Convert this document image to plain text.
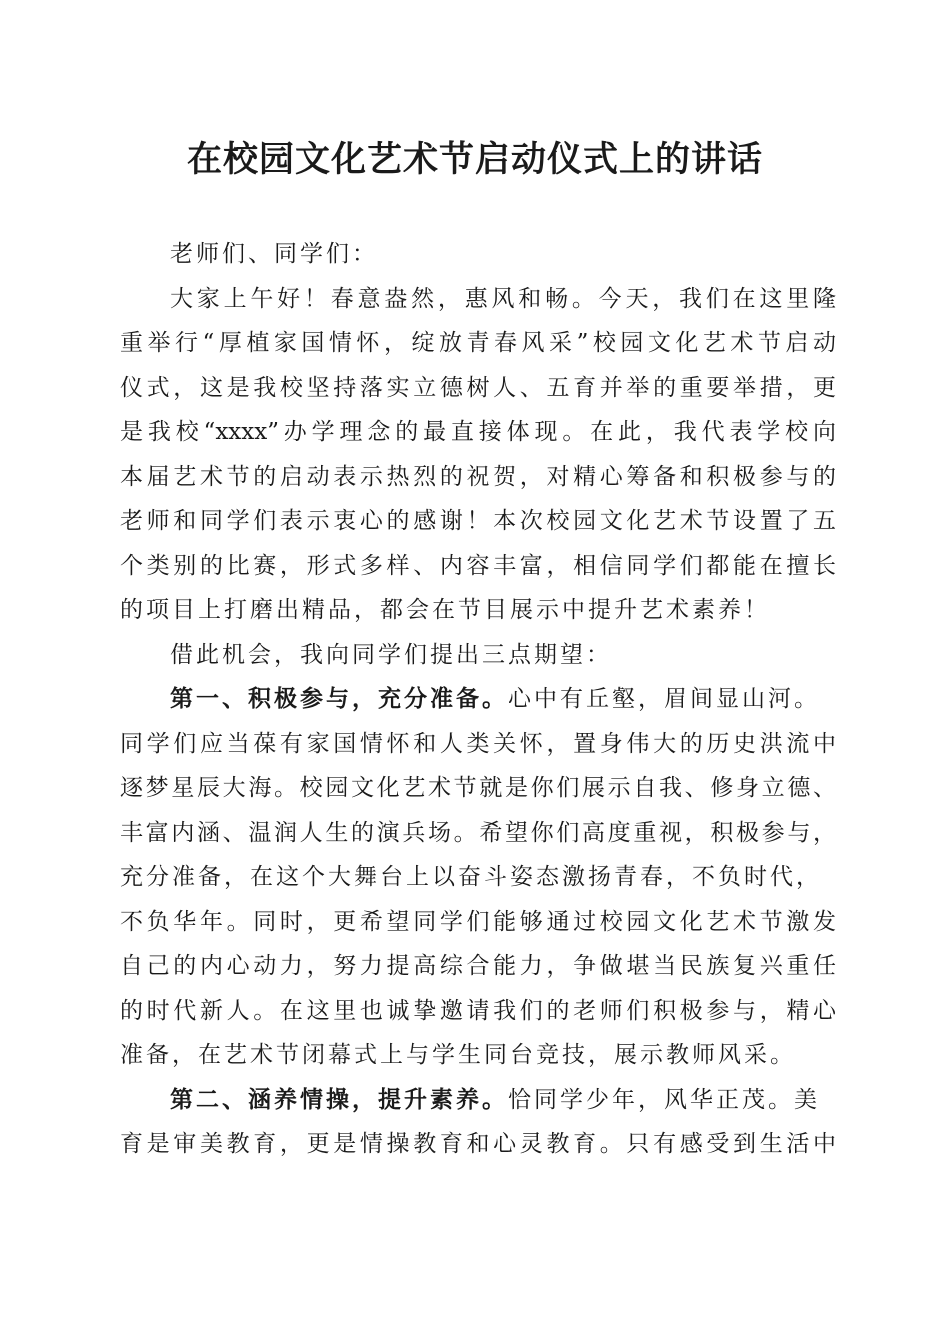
在校园文化艺术节启动仪式上的讲话
老师们、同学们：
大家上午好！春意盎然，惠风和畅。今天，我们在这里隆
重举行“厚植家国情怀，绽放青春风采”校园文化艺术节启动
仪式，这是我校坚持落实立德树人、五育并举的重要举措，更
是我校“xxxx”办学理念的最直接体现。在此，我代表学校向
本届艺术节的启动表示热烈的祝贺，对精心筹备和积极参与的
老师和同学们表示衷心的感谢！本次校园文化艺术节设置了五
个类别的比赛，形式多样、内容丰富，相信同学们都能在擅长
的项目上打磨出精品，都会在节目展示中提升艺术素养！
借此机会，我向同学们提出三点期望：
第一、积极参与，充分准备。心中有丘壑，眉间显山河。
同学们应当葆有家国情怀和人类关怀，置身伟大的历史洪流中
逐梦星辰大海。校园文化艺术节就是你们展示自我、修身立德、
丰富内涵、温润人生的演兵场。希望你们高度重视，积极参与，
充分准备，在这个大舞台上以奋斗姿态激扬青春，不负时代，
不负华年。同时，更希望同学们能够通过校园文化艺术节激发
自己的内心动力，努力提高综合能力，争做堪当民族复兴重任
的时代新人。在这里也诚挚邀请我们的老师们积极参与，精心
准备，在艺术节闭幕式上与学生同台竞技，展示教师风采。
第二、涵养情操，提升素养。恰同学少年，风华正茂。美
育是审美教育，更是情操教育和心灵教育。只有感受到生活中
